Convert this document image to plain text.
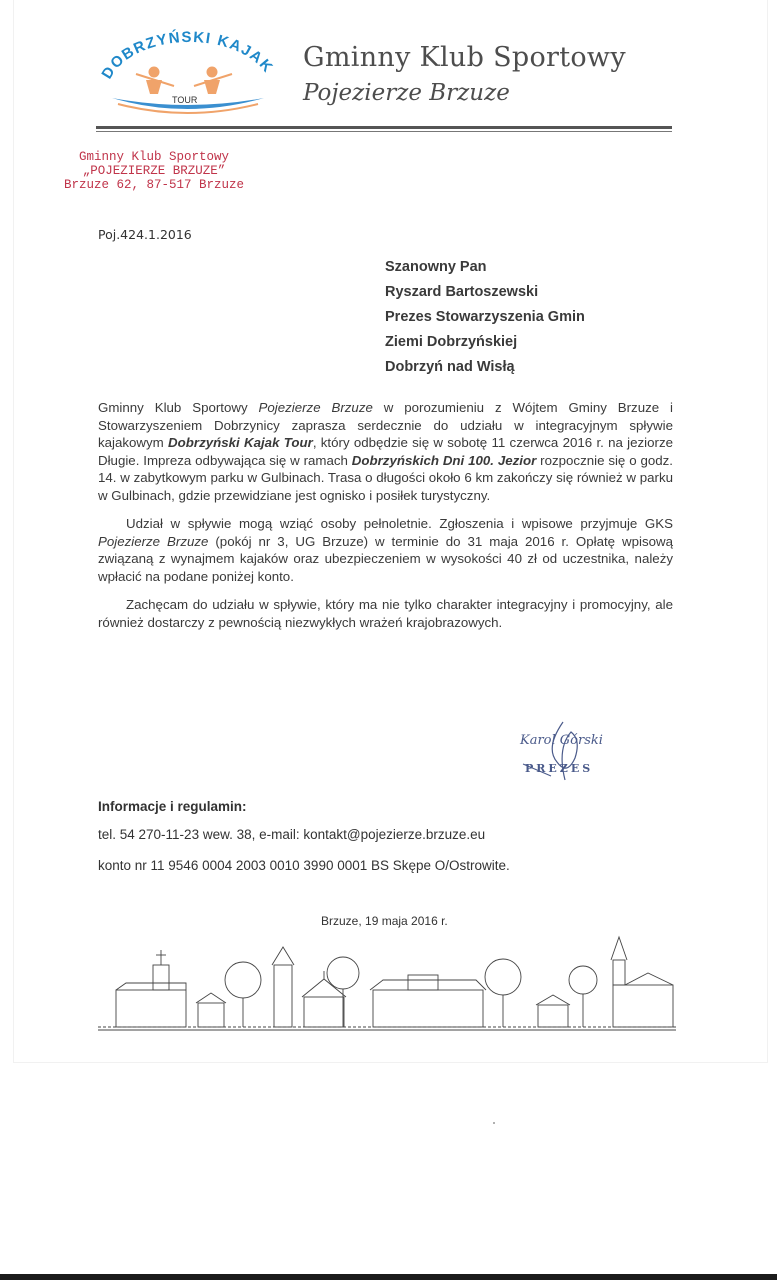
DOBRZYŃSKI KAJAK
TOUR
Gminny Klub Sportowy
Pojezierze Brzuze
Gminny Klub Sportowy
„POJEZIERZE BRZUZE”
Brzuze 62, 87-517 Brzuze
Poj.424.1.2016
Szanowny Pan
Ryszard Bartoszewski
Prezes Stowarzyszenia Gmin
Ziemi Dobrzyńskiej
Dobrzyń nad Wisłą

Gminny Klub Sportowy Pojezierze Brzuze w porozumieniu z Wójtem Gminy Brzuze i Stowarzyszeniem Dobrzynicy zaprasza serdecznie do udziału w integracyjnym spływie kajakowym Dobrzyński Kajak Tour, który odbędzie się w sobotę 11 czerwca 2016 r. na jeziorze Długie. Impreza odbywająca się w ramach Dobrzyńskich Dni 100. Jezior rozpocznie się o godz. 14. w zabytkowym parku w Gulbinach. Trasa o długości około 6 km zakończy się również w parku w Gulbinach, gdzie przewidziane jest ognisko i posiłek turystyczny.

Udział w spływie mogą wziąć osoby pełnoletnie. Zgłoszenia i wpisowe przyjmuje GKS Pojezierze Brzuze (pokój nr 3, UG Brzuze) w terminie do 31 maja 2016 r. Opłatę wpisową związaną z wynajmem kajaków oraz ubezpieczeniem w wysokości 40 zł od uczestnika, należy wpłacić na podane poniżej konto.

Zachęcam do udziału w spływie, który ma nie tylko charakter integracyjny i promocyjny, ale również dostarczy z pewnością niezwykłych wrażeń krajobrazowych.

Karol Górski
PREZES
Informacje i regulamin:
tel. 54 270-11-23 wew. 38, e-mail: kontakt@pojezierze.brzuze.eu
konto nr 11 9546 0004 2003 0010 3990 0001 BS Skępe O/Ostrowite.
Brzuze, 19 maja 2016 r.
